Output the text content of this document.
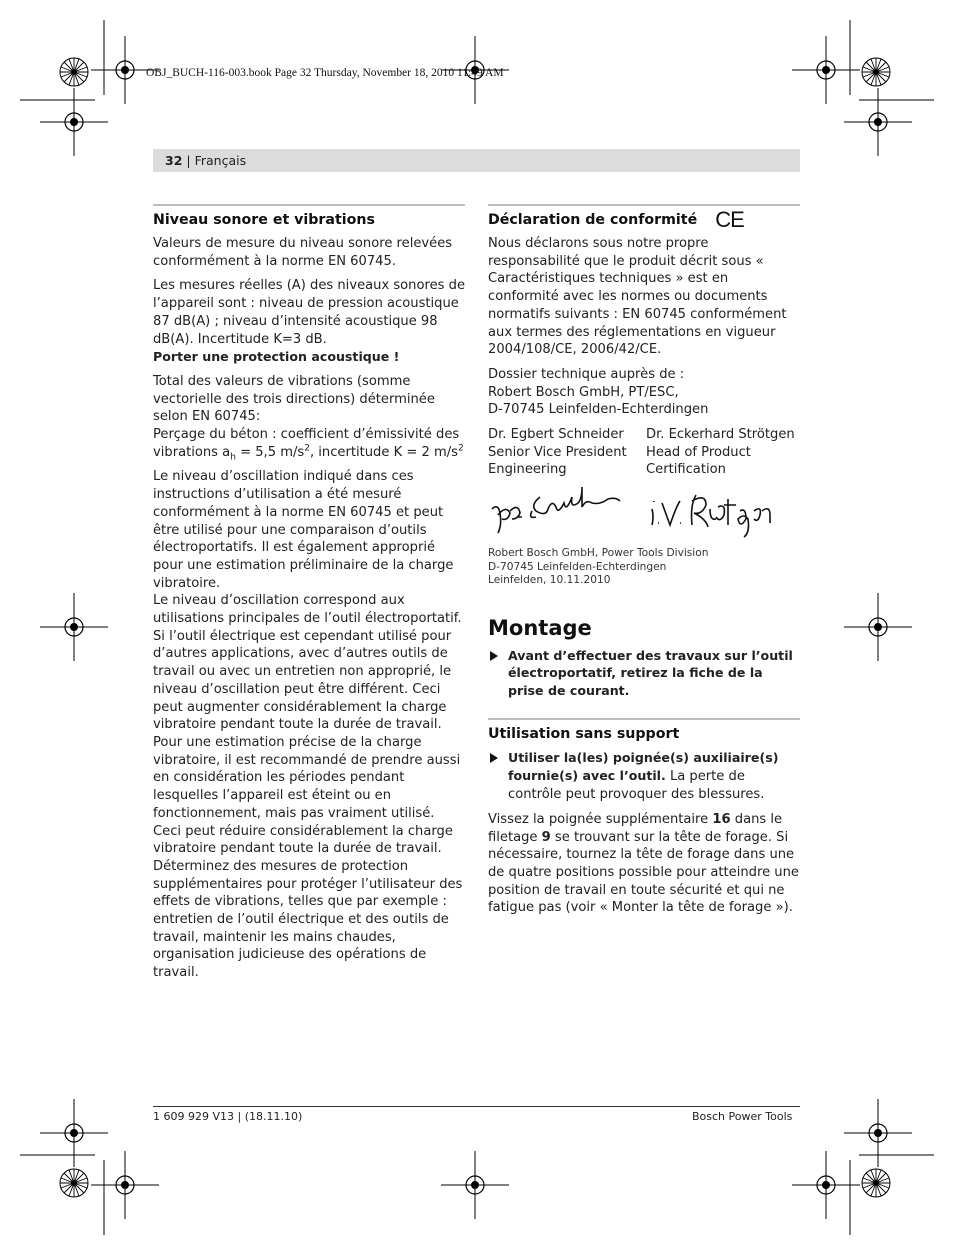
OBJ_BUCH-116-003.book Page 32 Thursday, November 18, 2010 11:49 AM
32 | Français
Niveau sonore et vibrations

Valeurs de mesure du niveau sonore relevées conformément à la norme EN 60745.

Les mesures réelles (A) des niveaux sonores de l’appareil sont : niveau de pression acoustique 87 dB(A) ; niveau d’intensité acoustique 98 dB(A). Incertitude K=3 dB.

Porter une protection acoustique !

Total des valeurs de vibrations (somme vectorielle des trois directions) déterminée selon EN 60745:

Perçage du béton : coefficient d’émissivité des vibrations $a_h = 5,5$ $m/s^2$, incertitude K = 2 $m/s^2$

Le niveau d’oscillation indiqué dans ces instructions d’utilisation a été mesuré conformément à la norme EN 60745 et peut être utilisé pour une comparaison d’outils électroportatifs. Il est également approprié pour une estimation préliminaire de la charge vibratoire.

Le niveau d’oscillation correspond aux utilisations principales de l’outil électroportatif. Si l’outil électrique est cependant utilisé pour d’autres applications, avec d’autres outils de travail ou avec un entretien non approprié, le niveau d’oscillation peut être différent. Ceci peut augmenter considérablement la charge vibratoire pendant toute la durée de travail.

Pour une estimation précise de la charge vibratoire, il est recommandé de prendre aussi en considération les périodes pendant lesquelles l’appareil est éteint ou en fonctionnement, mais pas vraiment utilisé. Ceci peut réduire considérablement la charge vibratoire pendant toute la durée de travail.

Déterminez des mesures de protection supplémentaires pour protéger l’utilisateur des effets de vibrations, telles que par exemple : entretien de l’outil électrique et des outils de travail, maintenir les mains chaudes, organisation judicieuse des opérations de travail.

Déclaration de conformité CE

Nous déclarons sous notre propre responsabilité que le produit décrit sous « Caractéristiques techniques » est en conformité avec les normes ou documents normatifs suivants : EN 60745 conformément aux termes des réglementations en vigueur 2004/108/CE, 2006/42/CE.

Dossier technique auprès de :
Robert Bosch GmbH, PT/ESC,
D-70745 Leinfelden-Echterdingen

Dr. Egbert Schneider
Senior Vice President
Engineering
Dr. Eckerhard Strötgen
Head of Product
Certification
Robert Bosch GmbH, Power Tools Division
D-70745 Leinfelden-Echterdingen
Leinfelden, 10.11.2010
Montage
Avant d’effectuer des travaux sur l’outil électroportatif, retirez la fiche de la prise de courant.
Utilisation sans support
Utiliser la(les) poignée(s) auxiliaire(s) fournie(s) avec l’outil. La perte de contrôle peut provoquer des blessures.

Vissez la poignée supplémentaire 16 dans le filetage 9 se trouvant sur la tête de forage. Si nécessaire, tournez la tête de forage dans une de quatre positions possible pour atteindre une position de travail en toute sécurité et qui ne fatigue pas (voir « Monter la tête de forage »).

1 609 929 V13 | (18.11.10)	Bosch Power Tools
